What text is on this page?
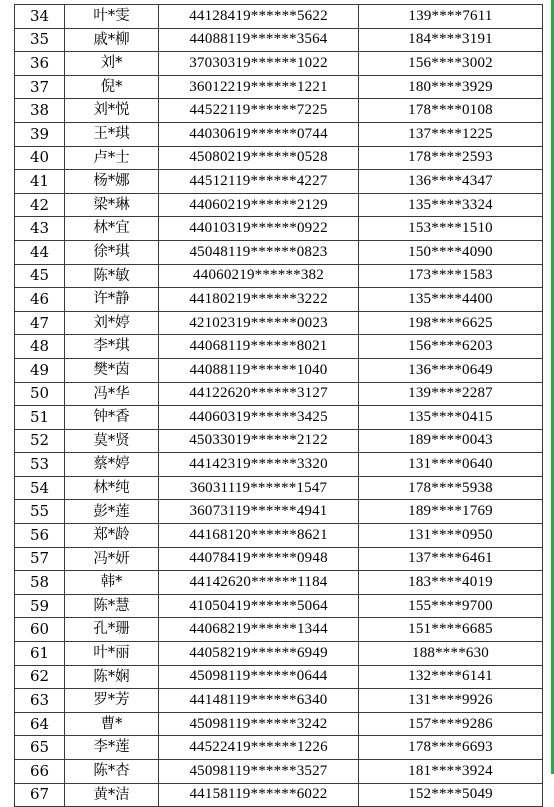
34	叶*雯	44128419******5622	139****7611
35	戚*柳	44088119******3564	184****3191
36	刘*	37030319******1022	156****3002
37	倪*	36012219******1221	180****3929
38	刘*悦	44522119******7225	178****0108
39	王*琪	44030619******0744	137****1225
40	卢*士	45080219******0528	178****2593
41	杨*娜	44512119******4227	136****4347
42	梁*琳	44060219******2129	135****3324
43	林*宜	44010319******0922	153****1510
44	徐*琪	45048119******0823	150****4090
45	陈*敏	44060219******382	173****1583
46	许*静	44180219******3222	135****4400
47	刘*婷	42102319******0023	198****6625
48	李*琪	44068119******8021	156****6203
49	樊*茵	44088119******1040	136****0649
50	冯*华	44122620******3127	139****2287
51	钟*香	44060319******3425	135****0415
52	莫*贤	45033019******2122	189****0043
53	蔡*婷	44142319******3320	131****0640
54	林*纯	36031119******1547	178****5938
55	彭*莲	36073119******4941	189****1769
56	郑*龄	44168120******8621	131****0950
57	冯*妍	44078419******0948	137****6461
58	韩*	44142620******1184	183****4019
59	陈*慧	41050419******5064	155****9700
60	孔*珊	44068219******1344	151****6685
61	叶*丽	44058219******6949	188****630
62	陈*娴	45098119******0644	132****6141
63	罗*芳	44148119******6340	131****9926
64	曹*	45098119******3242	157****9286
65	李*莲	44522419******1226	178****6693
66	陈*杏	45098119******3527	181****3924
67	黄*洁	44158119******6022	152****5049
